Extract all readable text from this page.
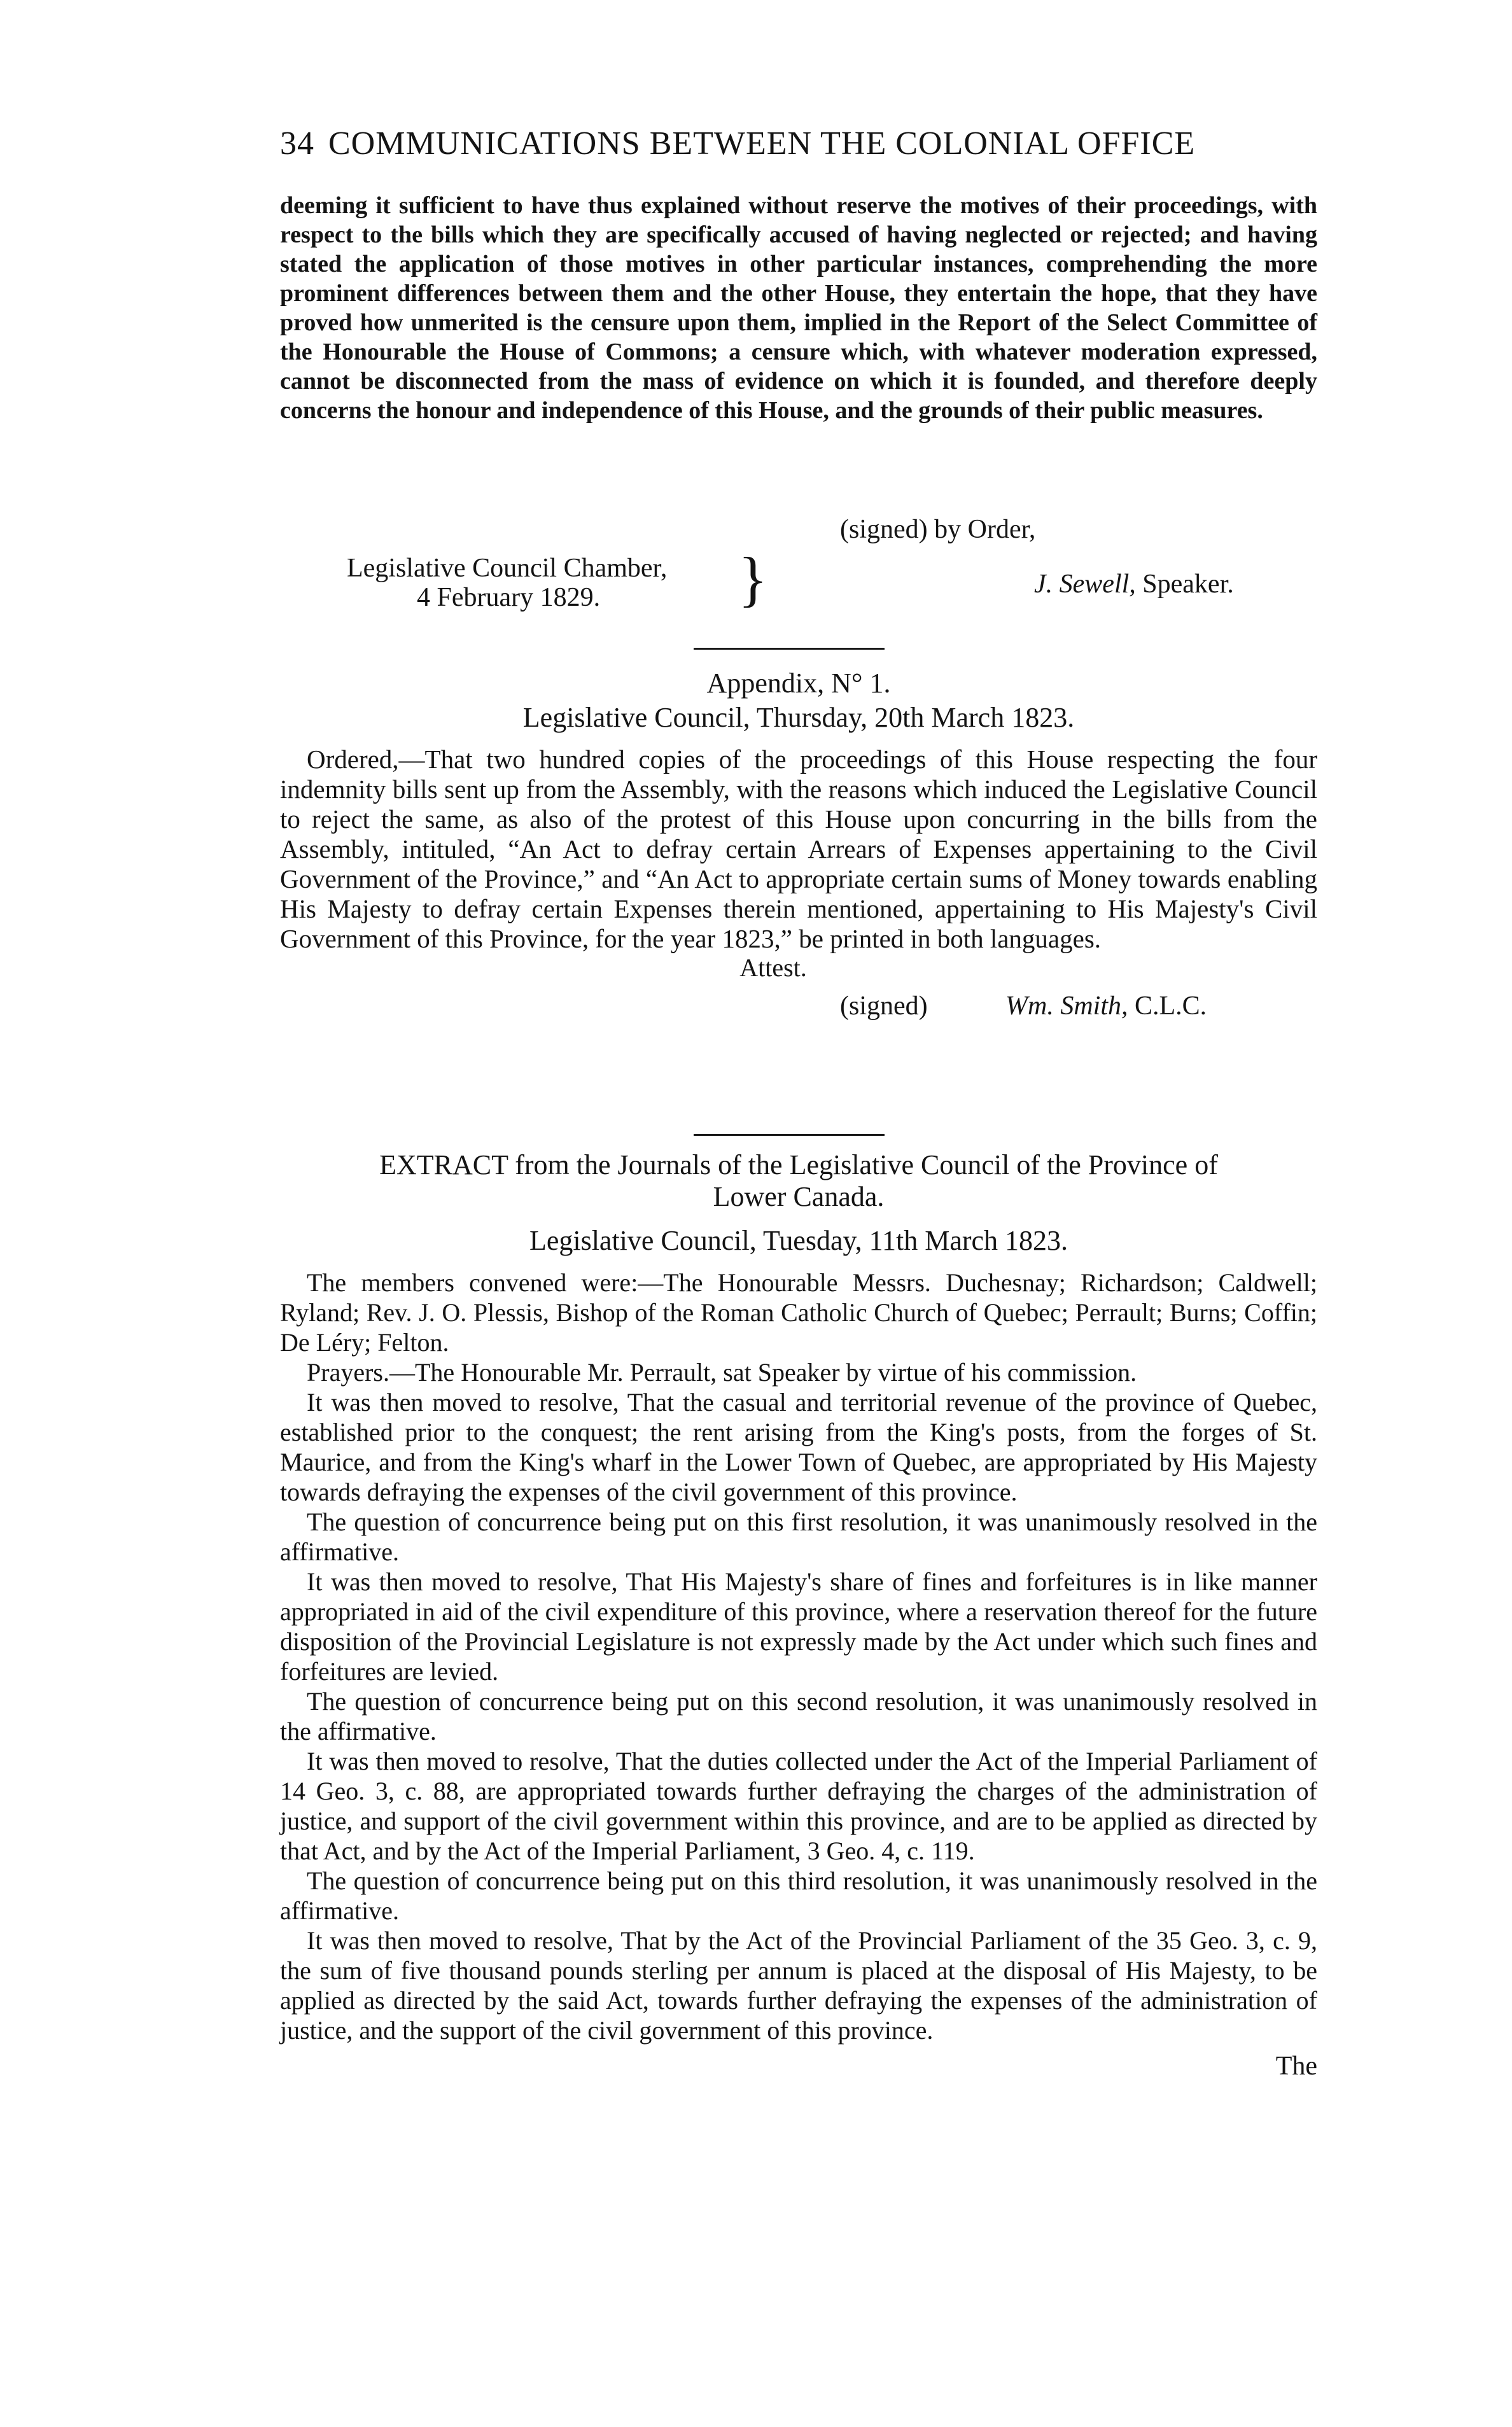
34 COMMUNICATIONS BETWEEN THE COLONIAL OFFICE

deeming it sufficient to have thus explained without reserve the motives of their proceedings, with respect to the bills which they are specifically accused of having neglected or rejected; and having stated the application of those motives in other particular instances, comprehending the more prominent differences between them and the other House, they entertain the hope, that they have proved how unmerited is the censure upon them, implied in the Report of the Select Committee of the Honourable the House of Commons; a censure which, with whatever moderation expressed, cannot be disconnected from the mass of evidence on which it is founded, and therefore deeply concerns the honour and independence of this House, and the grounds of their public measures.

(signed) by Order,
Legislative Council Chamber,
4 February 1829.	}	J. Sewell, Speaker.
Appendix, N° 1.
Legislative Council, Thursday, 20th March 1823.

Ordered,—That two hundred copies of the proceedings of this House respecting the four indemnity bills sent up from the Assembly, with the reasons which induced the Legislative Council to reject the same, as also of the protest of this House upon concurring in the bills from the Assembly, intituled, “An Act to defray certain Arrears of Expenses appertaining to the Civil Government of the Province,” and “An Act to appropriate certain sums of Money towards enabling His Majesty to defray certain Expenses therein mentioned, appertaining to His Majesty's Civil Government of this Province, for the year 1823,” be printed in both languages.

Attest.
(signed)	Wm. Smith, C.L.C.
EXTRACT from the Journals of the Legislative Council of the Province of
Lower Canada.
Legislative Council, Tuesday, 11th March 1823.

The members convened were:—The Honourable Messrs. Duchesnay; Richardson; Caldwell; Ryland; Rev. J. O. Plessis, Bishop of the Roman Catholic Church of Quebec; Perrault; Burns; Coffin; De Léry; Felton.

Prayers.—The Honourable Mr. Perrault, sat Speaker by virtue of his commission.

It was then moved to resolve, That the casual and territorial revenue of the province of Quebec, established prior to the conquest; the rent arising from the King's posts, from the forges of St. Maurice, and from the King's wharf in the Lower Town of Quebec, are appropriated by His Majesty towards defraying the expenses of the civil government of this province.

The question of concurrence being put on this first resolution, it was unanimously resolved in the affirmative.

It was then moved to resolve, That His Majesty's share of fines and forfeitures is in like manner appropriated in aid of the civil expenditure of this province, where a reservation thereof for the future disposition of the Provincial Legislature is not expressly made by the Act under which such fines and forfeitures are levied.

The question of concurrence being put on this second resolution, it was unanimously resolved in the affirmative.

It was then moved to resolve, That the duties collected under the Act of the Imperial Parliament of 14 Geo. 3, c. 88, are appropriated towards further defraying the charges of the administration of justice, and support of the civil government within this province, and are to be applied as directed by that Act, and by the Act of the Imperial Parliament, 3 Geo. 4, c. 119.

The question of concurrence being put on this third resolution, it was unanimously resolved in the affirmative.

It was then moved to resolve, That by the Act of the Provincial Parliament of the 35 Geo. 3, c. 9, the sum of five thousand pounds sterling per annum is placed at the disposal of His Majesty, to be applied as directed by the said Act, towards further defraying the expenses of the administration of justice, and the support of the civil government of this province.

The
